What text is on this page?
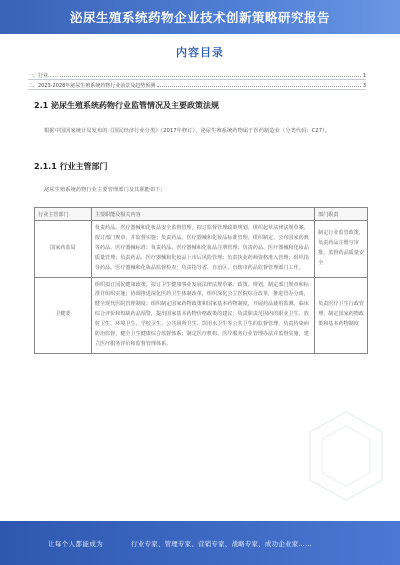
泌尿生殖系统药物企业技术创新策略研究报告
内容目录
一、行业……	1
二、2023-2028年泌尿生殖系统药物行业前景及趋势预测	3
2.1 泌尿生殖系统药物行业监管情况及主要政策法规

根据中国国家统计局发布的《国民经济行业分类》（2017年修订），泌尿生殖系统药物属于医药制造业（分类代码：C27）。

2.1.1 行业主管部门

泌尿生殖系统药物行业主要管理部门及其职能如下：

行业主管部门	主要职能及相关内容	部门职责
国家药监局	负责药品、医疗器械和化妆品安全监督管理，拟订监督管理政策规划，组织起草法律法规草案，拟订部门规章，并监督实施；负责药品、医疗器械和化妆品标准管理，组织制定、公布国家药典等药品、医疗器械标准；负责药品、医疗器械和化妆品注册管理；负责药品、医疗器械和化妆品质量管理；负责药品、医疗器械和化妆品上市后风险管理；负责执业药师资格准入管理；组织指导药品、医疗器械和化妆品监督检查；负责指导省、自治区、直辖市药品监督管理部门工作。	制定行业监管政策，负责药品注册与审批，监督药品质量安全
卫健委	组织拟订国民健康政策，拟订卫生健康事业发展法律法规草案、政策、规划，制定部门规章和标准并组织实施；协调推进深化医药卫生体制改革，组织深化公立医院综合改革，推进管办分离，健全现代医院管理制度；组织制定国家药物政策和国家基本药物制度，开展药品使用监测、临床综合评价和短缺药品预警，提出国家基本药物价格政策的建议；负责职责范围内的职业卫生、放射卫生、环境卫生、学校卫生、公共场所卫生、饮用水卫生等公共卫生的监督管理，负责传染病防治监督，健全卫生健康综合监督体系；制定医疗机构、医疗服务行业管理办法并监督实施，建立医疗服务评价和监督管理体系。	负责医疗卫生行政管理，制定国家药物政策和基本药物制度
让每个人都能成为	行业专家、管理专家、营销专家、战略专家、成功企业家……
